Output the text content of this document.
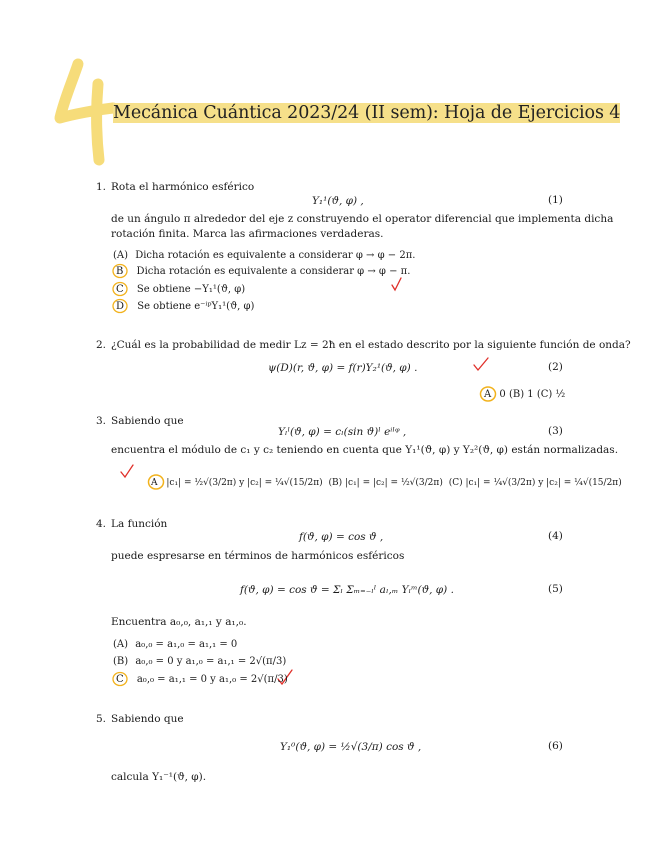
Mecánica Cuántica 2023/24 (II sem): Hoja de Ejercicios 4
1. Rota el harmónico esférico
Y₁¹(ϑ, φ) ,	(1)
de un ángulo π alrededor del eje z construyendo el operator diferencial que implementa dicha
rotación finita. Marca las afirmaciones verdaderas.
(A) Dicha rotación es equivalente a considerar φ → φ − 2π.
B Dicha rotación es equivalente a considerar φ → φ − π.
C Se obtiene −Y₁¹(ϑ, φ)
D Se obtiene e⁻ⁱᵖY₁¹(ϑ, φ)
2. ¿Cuál es la probabilidad de medir Lz = 2ħ en el estado descrito por la siguiente función de onda?
ψ(D)(r, ϑ, φ) = f(r)Y₂¹(ϑ, φ) .	(2)
A 0 (B) 1 (C) ½
3. Sabiendo que
Yₗˡ(ϑ, φ) = cₗ(sin ϑ)ˡ eⁱˡᵠ ,	(3)
encuentra el módulo de c₁ y c₂ teniendo en cuenta que Y₁¹(ϑ, φ) y Y₂²(ϑ, φ) están normalizadas.
A |c₁| = ½√(3/2π) y |c₂| = ¼√(15/2π) (B) |c₁| = |c₂| = ½√(3/2π) (C) |c₁| = ¼√(3/2π) y |c₂| = ¼√(15/2π)
4. La función
f(ϑ, φ) = cos ϑ ,	(4)
puede espresarse en términos de harmónicos esféricos
f(ϑ, φ) = cos ϑ = Σₗ Σₘ₌₋ₗˡ aₗ,ₘ Yₗᵐ(ϑ, φ) .	(5)
Encuentra a₀,₀, a₁,₁ y a₁,₀.
(A) a₀,₀ = a₁,₀ = a₁,₁ = 0
(B) a₀,₀ = 0 y a₁,₀ = a₁,₁ = 2√(π/3)
C a₀,₀ = a₁,₁ = 0 y a₁,₀ = 2√(π/3)
5. Sabiendo que
Y₁⁰(ϑ, φ) = ½√(3/π) cos ϑ ,	(6)
calcula Y₁⁻¹(ϑ, φ).
